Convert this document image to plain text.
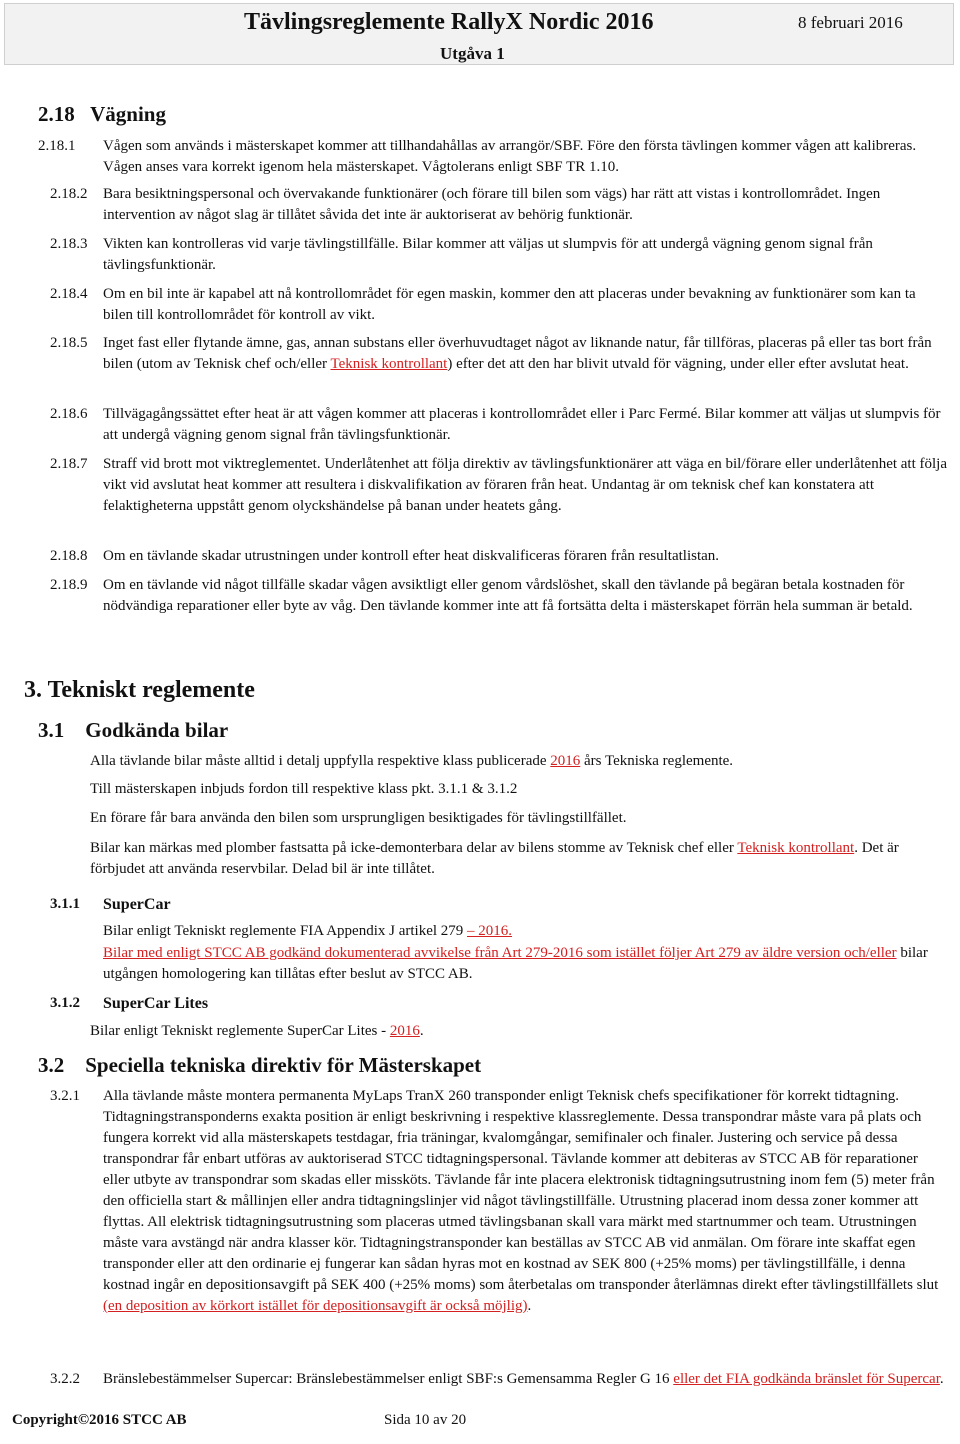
Tävlingsreglemente RallyX Nordic 2016	8 februari 2016
Utgåva 1
2.18 Vägning
2.18.1 Vågen som används i mästerskapet kommer att tillhandahållas av arrangör/SBF. Före den första tävlingen kommer vågen att kalibreras. Vågen anses vara korrekt igenom hela mästerskapet. Vågtolerans enligt SBF TR 1.10.
2.18.2 Bara besiktningspersonal och övervakande funktionärer (och förare till bilen som vägs) har rätt att vistas i kontrollområdet. Ingen intervention av något slag är tillåtet såvida det inte är auktoriserat av behörig funktionär.
2.18.3 Vikten kan kontrolleras vid varje tävlingstillfälle. Bilar kommer att väljas ut slumpvis för att undergå vägning genom signal från tävlingsfunktionär.
2.18.4 Om en bil inte är kapabel att nå kontrollområdet för egen maskin, kommer den att placeras under bevakning av funktionärer som kan ta bilen till kontrollområdet för kontroll av vikt.
2.18.5 Inget fast eller flytande ämne, gas, annan substans eller överhuvudtaget något av liknande natur, får tillföras, placeras på eller tas bort från bilen (utom av Teknisk chef och/eller Teknisk kontrollant) efter det att den har blivit utvald för vägning, under eller efter avslutat heat.
2.18.6 Tillvägagångssättet efter heat är att vågen kommer att placeras i kontrollområdet eller i Parc Fermé. Bilar kommer att väljas ut slumpvis för att undergå vägning genom signal från tävlingsfunktionär.
2.18.7 Straff vid brott mot viktreglementet. Underlåtenhet att följa direktiv av tävlingsfunktionärer att väga en bil/förare eller underlåtenhet att följa vikt vid avslutat heat kommer att resultera i diskvalifikation av föraren från heat. Undantag är om teknisk chef kan konstatera att felaktigheterna uppstått genom olyckshändelse på banan under heatets gång.
2.18.8 Om en tävlande skadar utrustningen under kontroll efter heat diskvalificeras föraren från resultatlistan.
2.18.9 Om en tävlande vid något tillfälle skadar vågen avsiktligt eller genom vårdslöshet, skall den tävlande på begäran betala kostnaden för nödvändiga reparationer eller byte av våg. Den tävlande kommer inte att få fortsätta delta i mästerskapet förrän hela summan är betald.
3. Tekniskt reglemente
3.1 Godkända bilar
Alla tävlande bilar måste alltid i detalj uppfylla respektive klass publicerade 2016 års Tekniska reglemente.
Till mästerskapen inbjuds fordon till respektive klass pkt. 3.1.1 & 3.1.2
En förare får bara använda den bilen som ursprungligen besiktigades för tävlingstillfället.
Bilar kan märkas med plomber fastsatta på icke-demonterbara delar av bilens stomme av Teknisk chef eller Teknisk kontrollant. Det är förbjudet att använda reservbilar. Delad bil är inte tillåtet.
3.1.1 SuperCar
Bilar enligt Tekniskt reglemente FIA Appendix J artikel 279 – 2016.
Bilar med enligt STCC AB godkänd dokumenterad avvikelse från Art 279-2016 som istället följer Art 279 av äldre version och/eller bilar utgången homologering kan tillåtas efter beslut av STCC AB.
3.1.2 SuperCar Lites
Bilar enligt Tekniskt reglemente SuperCar Lites - 2016.
3.2 Speciella tekniska direktiv för Mästerskapet
3.2.1 Alla tävlande måste montera permanenta MyLaps TranX 260 transponder enligt Teknisk chefs specifikationer för korrekt tidtagning. Tidtagningstransponderns exakta position är enligt beskrivning i respektive klassreglemente. Dessa transpondrar måste vara på plats och fungera korrekt vid alla mästerskapets testdagar, fria träningar, kvalomgångar, semifinaler och finaler. Justering och service på dessa transpondrar får enbart utföras av auktoriserad STCC tidtagningspersonal. Tävlande kommer att debiteras av STCC AB för reparationer eller utbyte av transpondrar som skadas eller missköts. Tävlande får inte placera elektronisk tidtagningsutrustning inom fem (5) meter från den officiella start & mållinjen eller andra tidtagningslinjer vid något tävlingstillfälle. Utrustning placerad inom dessa zoner kommer att flyttas. All elektrisk tidtagningsutrustning som placeras utmed tävlingsbanan skall vara märkt med startnummer och team. Utrustningen måste vara avstängd när andra klasser kör. Tidtagningstransponder kan beställas av STCC AB vid anmälan. Om förare inte skaffat egen transponder eller att den ordinarie ej fungerar kan sådan hyras mot en kostnad av SEK 800 (+25% moms) per tävlingstillfälle, i denna kostnad ingår en depositionsavgift på SEK 400 (+25% moms) som återbetalas om transponder återlämnas direkt efter tävlingstillfällets slut (en deposition av körkort istället för depositionsavgift är också möjlig).
3.2.2 Bränslebestämmelser Supercar: Bränslebestämmelser enligt SBF:s Gemensamma Regler G 16 eller det FIA godkända bränslet för Supercar.
Copyright©2016 STCC AB	Sida 10 av 20
